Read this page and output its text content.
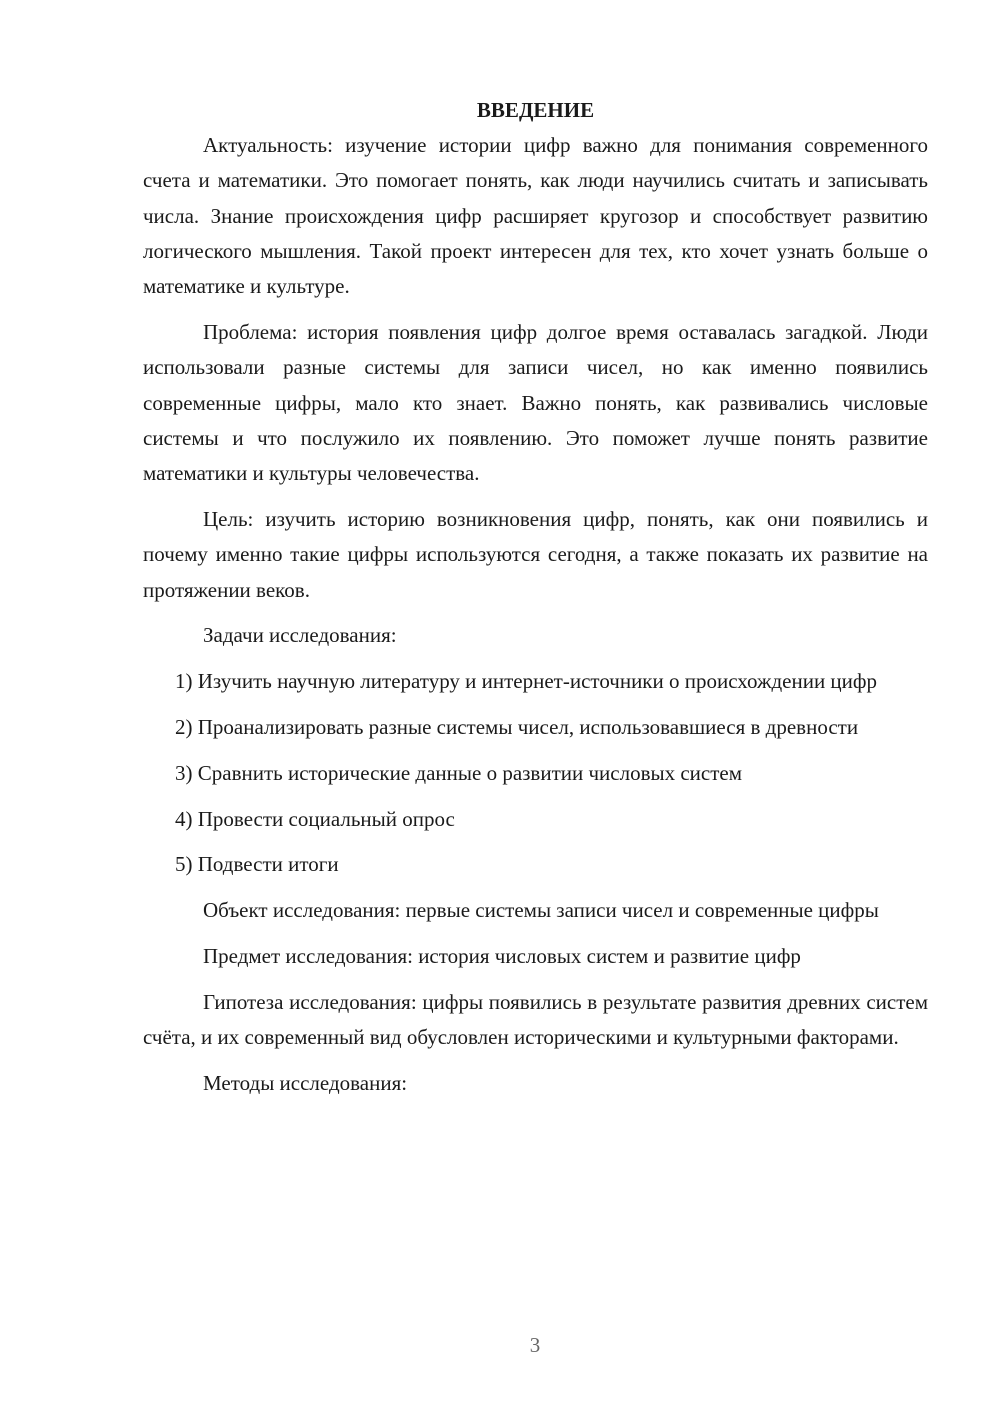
ВВЕДЕНИЕ

Актуальность: изучение истории цифр важно для понимания современного счета и математики. Это помогает понять, как люди научились считать и записывать числа. Знание происхождения цифр расширяет кругозор и способствует развитию логического мышления. Такой проект интересен для тех, кто хочет узнать больше о математике и культуре.

Проблема: история появления цифр долгое время оставалась загадкой. Люди использовали разные системы для записи чисел, но как именно появились современные цифры, мало кто знает. Важно понять, как развивались числовые системы и что послужило их появлению. Это поможет лучше понять развитие математики и культуры человечества.

Цель: изучить историю возникновения цифр, понять, как они появились и почему именно такие цифры используются сегодня, а также показать их развитие на протяжении веков.

Задачи исследования:

1) Изучить научную литературу и интернет-источники о происхождении цифр

2) Проанализировать разные системы чисел, использовавшиеся в древности

3) Сравнить исторические данные о развитии числовых систем

4) Провести социальный опрос

5) Подвести итоги

Объект исследования: первые системы записи чисел и современные цифры

Предмет исследования: история числовых систем и развитие цифр

Гипотеза исследования: цифры появились в результате развития древних систем счёта, и их современный вид обусловлен историческими и культурными факторами.

Методы исследования:

3
